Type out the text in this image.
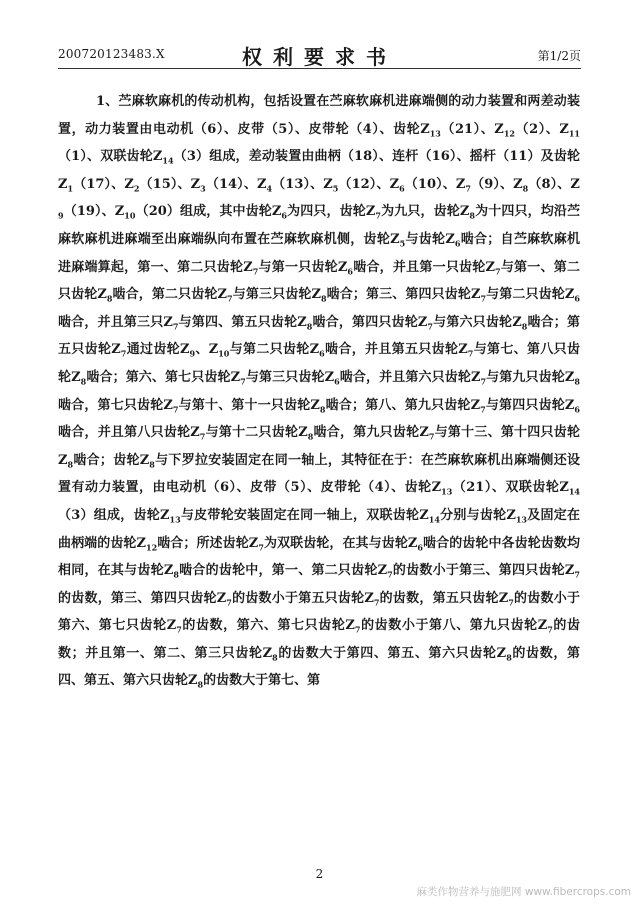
200720123483.X	权利要求书	第1/2页
1、苎麻软麻机的传动机构，包括设置在苎麻软麻机进麻端侧的动力装置和两差动装置，动力装置由电动机（6）、皮带（5）、皮带轮（4）、齿轮$Z_{13}(21)$、$Z_{12}(2)$、$Z_{11}(1)$、双联齿轮$Z_{14}(3)$组成，差动装置由曲柄（18）、连杆（16）、摇杆（11）及齿轮$Z_1(17)$、$Z_2(15)$、$Z_3(14)$、$Z_4(13)$、$Z_5(12)$、$Z_6(10)$、$Z_7(9)$、$Z_8(8)$、$Z_9(19)$、$Z_{10}(20)$组成，其中齿轮$Z_6$为四只，齿轮$Z_7$为九只，齿轮$Z_8$为十四只，均沿苎麻软麻机进麻端至出麻端纵向布置在苎麻软麻机侧，齿轮$Z_5$与齿轮$Z_6$啮合；自苎麻软麻机进麻端算起，第一、第二只齿轮$Z_7$与第一只齿轮$Z_6$啮合，并且第一只齿轮$Z_7$与第一、第二只齿轮$Z_8$啮合，第二只齿轮$Z_7$与第三只齿轮$Z_8$啮合；第三、第四只齿轮$Z_7$与第二只齿轮$Z_6$啮合，并且第三只$Z_7$与第四、第五只齿轮$Z_8$啮合，第四只齿轮$Z_7$与第六只齿轮$Z_8$啮合；第五只齿轮$Z_7$通过齿轮$Z_9$、$Z_{10}$与第二只齿轮$Z_6$啮合，并且第五只齿轮$Z_7$与第七、第八只齿轮$Z_8$啮合；第六、第七只齿轮$Z_7$与第三只齿轮$Z_6$啮合，并且第六只齿轮$Z_7$与第九只齿轮$Z_8$啮合，第七只齿轮$Z_7$与第十、第十一只齿轮$Z_8$啮合；第八、第九只齿轮$Z_7$与第四只齿轮$Z_6$啮合，并且第八只齿轮$Z_7$与第十二只齿轮$Z_8$啮合，第九只齿轮$Z_7$与第十三、第十四只齿轮$Z_8$啮合；齿轮$Z_8$与下罗拉安装固定在同一轴上，其特征在于：在苎麻软麻机出麻端侧还设置有动力装置，由电动机（6）、皮带（5）、皮带轮（4）、齿轮$Z_{13}(21)$、双联齿轮$Z_{14}(3)$组成，齿轮$Z_{13}$与皮带轮安装固定在同一轴上，双联齿轮$Z_{14}$分别与齿轮$Z_{13}$及固定在曲柄端的齿轮$Z_{12}$啮合；所述齿轮$Z_7$为双联齿轮，在其与齿轮$Z_6$啮合的齿轮中各齿轮齿数均相同，在其与齿轮$Z_8$啮合的齿轮中，第一、第二只齿轮$Z_7$的齿数小于第三、第四只齿轮$Z_7$的齿数，第三、第四只齿轮$Z_7$的齿数小于第五只齿轮$Z_7$的齿数，第五只齿轮$Z_7$的齿数小于第六、第七只齿轮$Z_7$的齿数，第六、第七只齿轮$Z_7$的齿数小于第八、第九只齿轮$Z_7$的齿数；并且第一、第二、第三只齿轮$Z_8$的齿数大于第四、第五、第六只齿轮$Z_8$的齿数，第四、第五、第六只齿轮$Z_8$的齿数大于第七、第
2
麻类作物营养与施肥网 www.fibercrops.com
